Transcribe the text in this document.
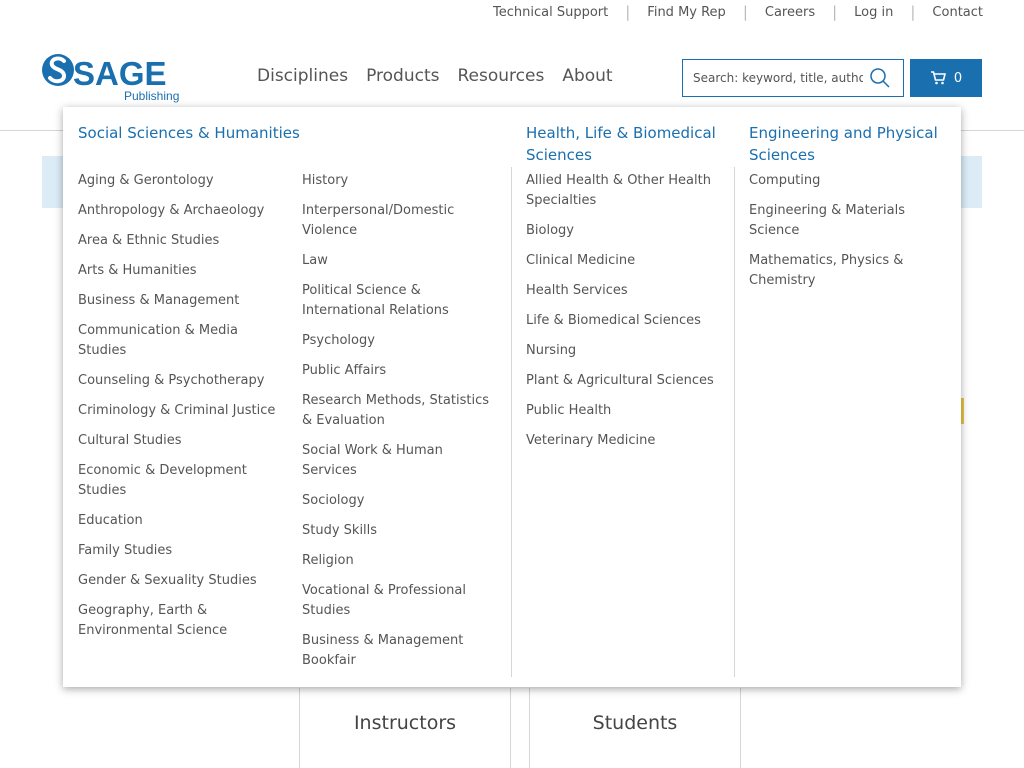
Technical Support | Find My Rep | Careers | Log in | Contact
SAGE
Publishing
Disciplines Products Resources About
Search: keyword, title, author, ISBN	0
Instructors	Students
Social Sciences & Humanities	Health, Life & Biomedical Sciences
Engineering and Physical Sciences
Aging & Gerontology
Anthropology & Archaeology
Area & Ethnic Studies
Arts & Humanities
Business & Management
Communication & Media Studies
Counseling & Psychotherapy
Criminology & Criminal Justice
Cultural Studies
Economic & Development Studies
Education
Family Studies
Gender & Sexuality Studies
Geography, Earth & Environmental Science
History
Interpersonal/Domestic Violence
Law
Political Science & International Relations
Psychology
Public Affairs
Research Methods, Statistics & Evaluation
Social Work & Human Services
Sociology
Study Skills
Religion
Vocational & Professional Studies
Business & Management Bookfair
Allied Health & Other Health Specialties
Biology
Clinical Medicine
Health Services
Life & Biomedical Sciences
Nursing
Plant & Agricultural Sciences
Public Health
Veterinary Medicine
Computing
Engineering & Materials Science
Mathematics, Physics & Chemistry
